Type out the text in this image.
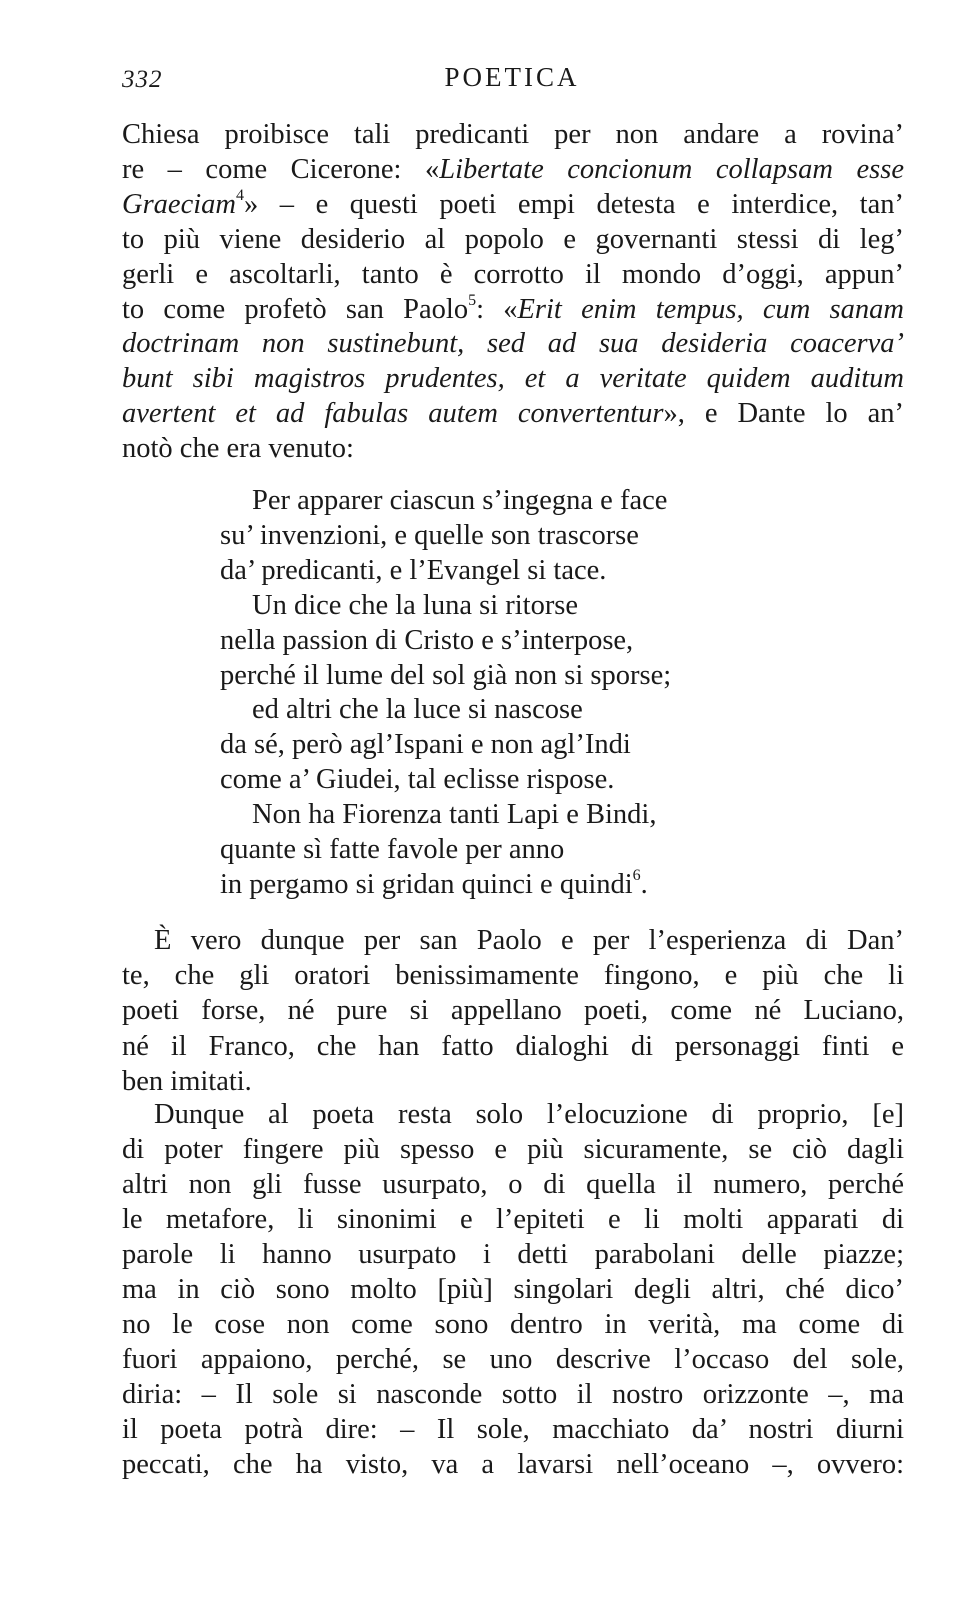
332	POETICA
Chiesa proibisce tali predicanti per non andare a rovinaʼ
re – come Cicerone: «Libertate concionum collapsam esse
Graeciam$^4$» – e questi poeti empi detesta e interdice, tanʼ
to più viene desiderio al popolo e governanti stessi di legʼ
gerli e ascoltarli, tanto è corrotto il mondo d’oggi, appunʼ
to come profetò san Paolo$^5$: «Erit enim tempus, cum sanam
doctrinam non sustinebunt, sed ad sua desideria coacervaʼ
bunt sibi magistros prudentes, et a veritate quidem auditum
avertent et ad fabulas autem convertentur», e Dante lo anʼ
notò che era venuto:
Per apparer ciascun s’ingegna e face
su’ invenzioni, e quelle son trascorse
da’ predicanti, e l’Evangel si tace.
Un dice che la luna si ritorse
nella passion di Cristo e s’interpose,
perché il lume del sol già non si sporse;
ed altri che la luce si nascose
da sé, però agl’Ispani e non agl’Indi
come a’ Giudei, tal eclisse rispose.
Non ha Fiorenza tanti Lapi e Bindi,
quante sì fatte favole per anno
in pergamo si gridan quinci e quindi$^6$.
È vero dunque per san Paolo e per l’esperienza di Danʼ
te, che gli oratori benissimamente fingono, e più che li
poeti forse, né pure si appellano poeti, come né Luciano,
né il Franco, che han fatto dialoghi di personaggi finti e
ben imitati.
Dunque al poeta resta solo l’elocuzione di proprio, [e]
di poter fingere più spesso e più sicuramente, se ciò dagli
altri non gli fusse usurpato, o di quella il numero, perché
le metafore, li sinonimi e l’epiteti e li molti apparati di
parole li hanno usurpato i detti parabolani delle piazze;
ma in ciò sono molto [più] singolari degli altri, ché dicoʼ
no le cose non come sono dentro in verità, ma come di
fuori appaiono, perché, se uno descrive l’occaso del sole,
diria: – Il sole si nasconde sotto il nostro orizzonte –, ma
il poeta potrà dire: – Il sole, macchiato da’ nostri diurni
peccati, che ha visto, va a lavarsi nell’oceano –, ovvero:
